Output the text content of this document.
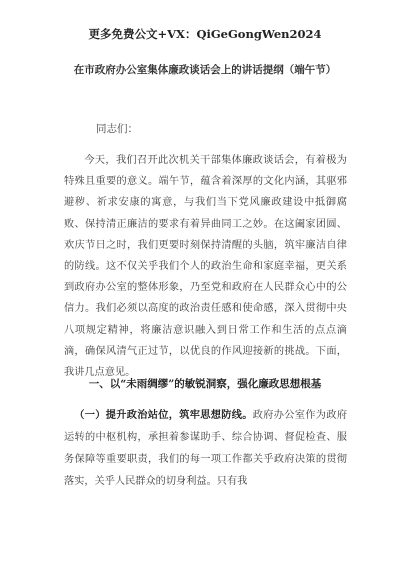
更多免费公文+VX：QiGeGongWen2024
在市政府办公室集体廉政谈话会上的讲话提纲（端午节）
同志们：
今天，我们召开此次机关干部集体廉政谈话会，有着极为特殊且重要的意义。端午节，蕴含着深厚的文化内涵，其驱邪避秽、祈求安康的寓意，与我们当下党风廉政建设中抵御腐败、保持清正廉洁的要求有着异曲同工之妙。在这阖家团圆、欢庆节日之时，我们更要时刻保持清醒的头脑，筑牢廉洁自律的防线。这不仅关乎我们个人的政治生命和家庭幸福，更关系到政府办公室的整体形象，乃至党和政府在人民群众心中的公信力。我们必须以高度的政治责任感和使命感，深入贯彻中央八项规定精神，将廉洁意识融入到日常工作和生活的点点滴滴，确保风清气正过节，以优良的作风迎接新的挑战。下面，我讲几点意见。
一、以“未雨绸缪”的敏锐洞察，强化廉政思想根基
（一）提升政治站位，筑牢思想防线。政府办公室作为政府运转的中枢机构，承担着参谋助手、综合协调、督促检查、服务保障等重要职责，我们的每一项工作都关乎政府决策的贯彻落实，关乎人民群众的切身利益。只有我
